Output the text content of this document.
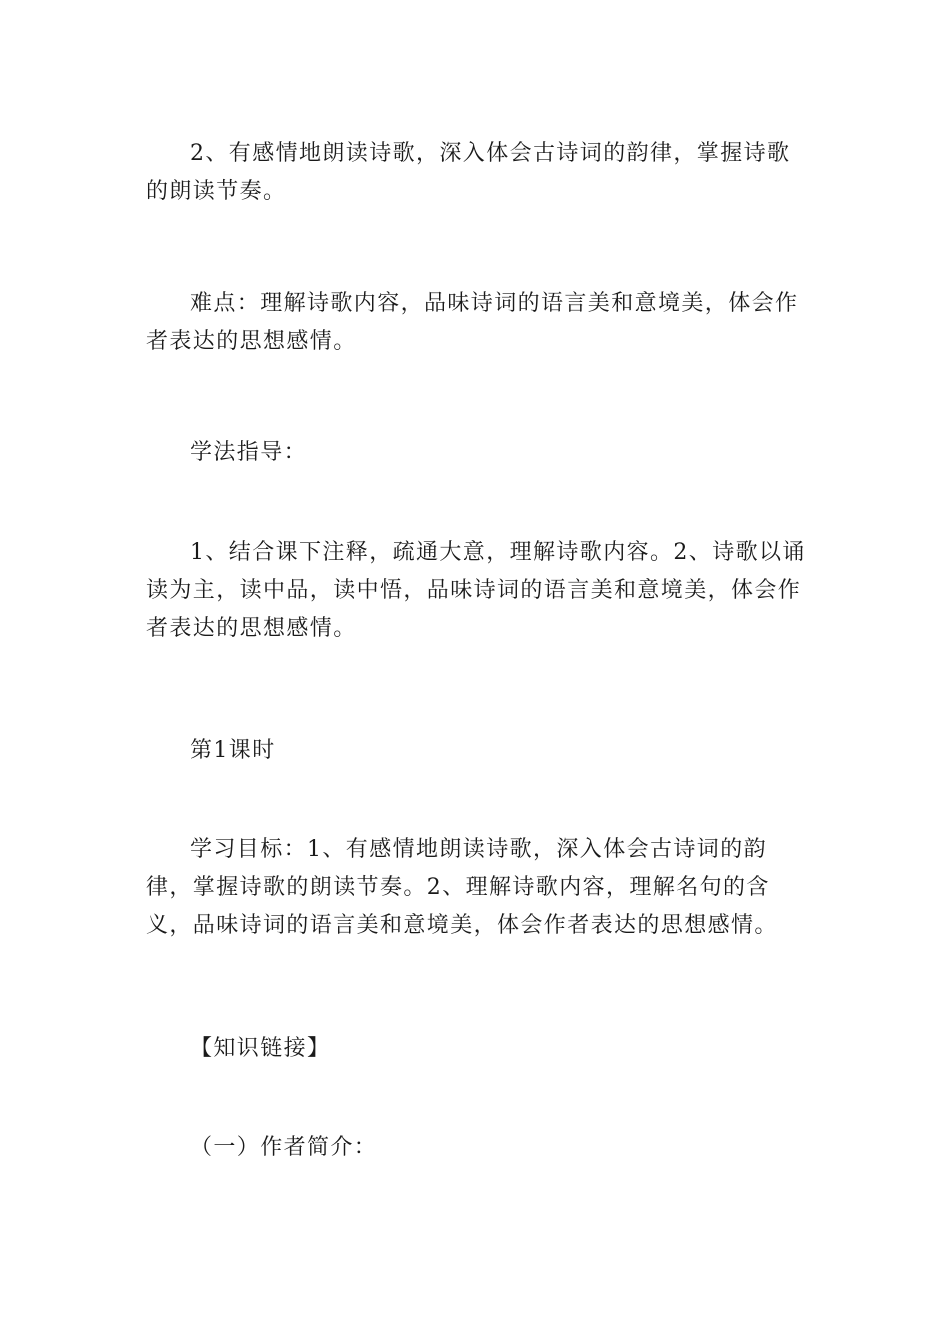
2、有感情地朗读诗歌，深入体会古诗词的韵律，掌握诗歌的朗读节奏。

难点：理解诗歌内容，品味诗词的语言美和意境美，体会作者表达的思想感情。

学法指导：

1、结合课下注释，疏通大意，理解诗歌内容。2、诗歌以诵读为主，读中品，读中悟，品味诗词的语言美和意境美，体会作者表达的思想感情。

第1课时

学习目标：1、有感情地朗读诗歌，深入体会古诗词的韵律，掌握诗歌的朗读节奏。2、理解诗歌内容，理解名句的含义，品味诗词的语言美和意境美，体会作者表达的思想感情。

【知识链接】

（一）作者简介：
